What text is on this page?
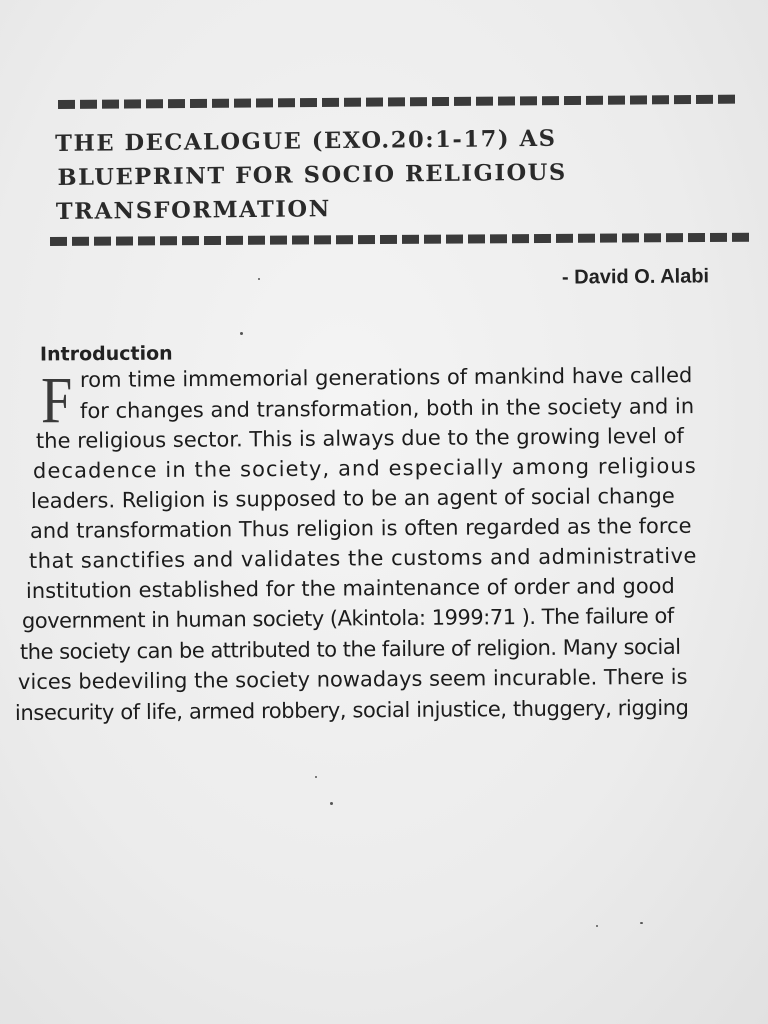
THE DECALOGUE (EXO.20:1-17) AS
BLUEPRINT FOR SOCIO RELIGIOUS
TRANSFORMATION
- David O. Alabi
Introduction
F rom time immemorial generations of mankind have called
for changes and transformation, both in the society and in
the religious sector. This is always due to the growing level of
decadence in the society, and especially among religious
leaders. Religion is supposed to be an agent of social change
and transformation Thus religion is often regarded as the force
that sanctifies and validates the customs and administrative
institution established for the maintenance of order and good
government in human society (Akintola: 1999:71 ). The failure of
the society can be attributed to the failure of religion. Many social
vices bedeviling the society nowadays seem incurable. There is
insecurity of life, armed robbery, social injustice, thuggery, rigging
